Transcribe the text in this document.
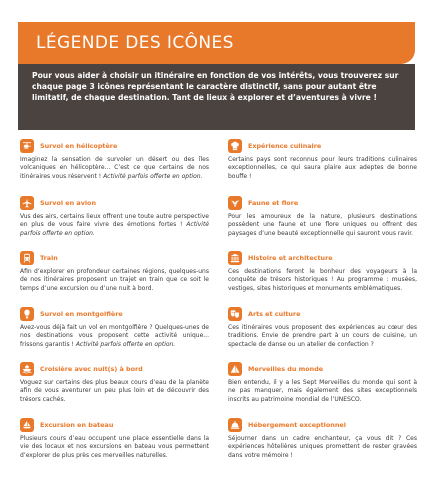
LÉGENDE DES ICÔNES
Pour vous aider à choisir un itinéraire en fonction de vos intérêts, vous trouverez sur chaque page 3 icônes représentant le caractère distinctif, sans pour autant être limitatif, de chaque destination. Tant de lieux à explorer et d’aventures à vivre !
Survol en hélicoptère
Imaginez la sensation de survoler un désert ou des îles volcaniques en hélicoptère... C’est ce que certains de nos itinéraires vous réservent ! Activité parfois offerte en option.
Survol en avion
Vus des airs, certains lieux offrent une toute autre perspective en plus de vous faire vivre des émotions fortes ! Activité parfois offerte en option.
Train
Afin d’explorer en profondeur certaines régions, quelques-uns de nos itinéraires proposent un trajet en train que ce soit le temps d’une excursion ou d’une nuit à bord.
Survol en montgolfière
Avez-vous déjà fait un vol en montgolfière ? Quelques-unes de nos destinations vous proposent cette activité unique... frissons garantis ! Activité parfois offerte en option.
Croisière avec nuit(s) à bord
Voguez sur certains des plus beaux cours d’eau de la planète afin de vous aventurer un peu plus loin et de découvrir des trésors cachés.
Excursion en bateau
Plusieurs cours d’eau occupent une place essentielle dans la vie des locaux et nos excursions en bateau vous permettent d’explorer de plus près ces merveilles naturelles.
Expérience culinaire
Certains pays sont reconnus pour leurs traditions culinaires exceptionnelles, ce qui saura plaire aux adeptes de bonne bouffe !
Faune et flore
Pour les amoureux de la nature, plusieurs destinations possèdent une faune et une flore uniques ou offrent des paysages d’une beauté exceptionnelle qui sauront vous ravir.
Histoire et architecture
Ces destinations feront le bonheur des voyageurs à la conquête de trésors historiques ! Au programme : musées, vestiges, sites historiques et monuments emblématiques.
Arts et culture
Ces itinéraires vous proposent des expériences au cœur des traditions. Envie de prendre part à un cours de cuisine, un spectacle de danse ou un atelier de confection ?
Merveilles du monde
Bien entendu, il y a les Sept Merveilles du monde qui sont à ne pas manquer, mais également des sites exceptionnels inscrits au patrimoine mondial de l’UNESCO.
Hébergement exceptionnel
Séjourner dans un cadre enchanteur, ça vous dit ? Ces expériences hôtelières uniques promettent de rester gravées dans votre mémoire !
